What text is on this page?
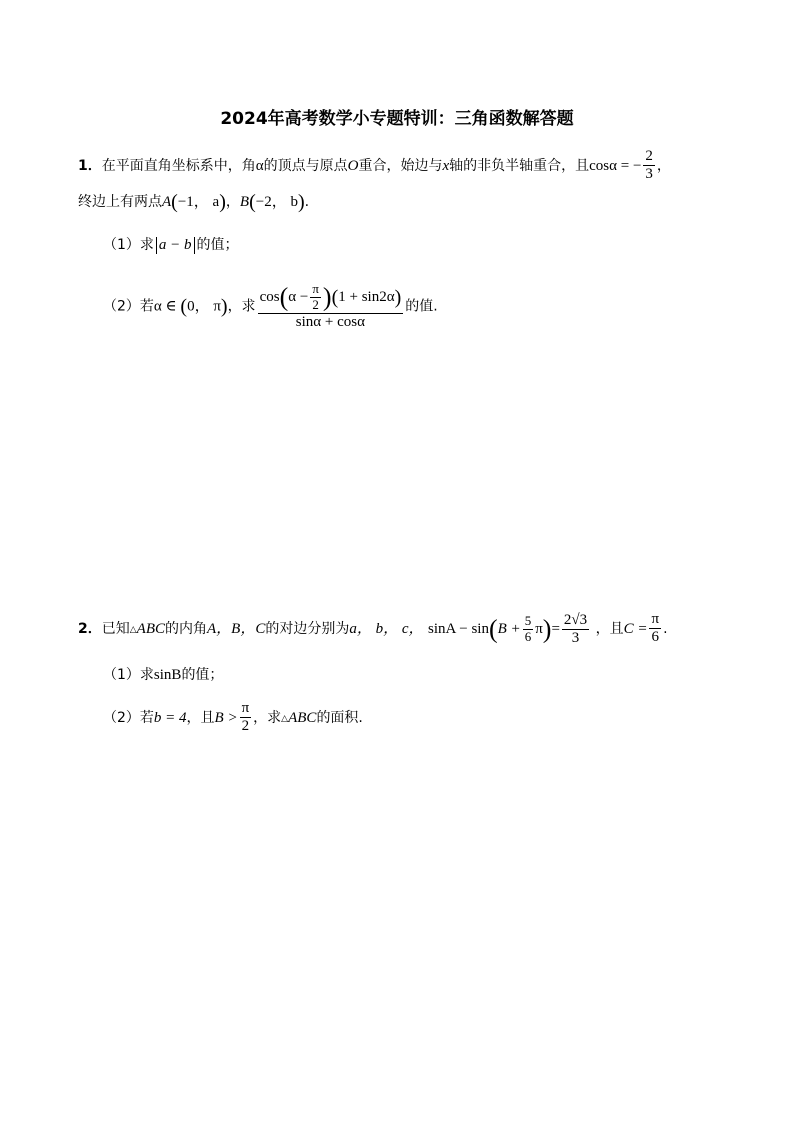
2024年高考数学小专题特训：三角函数解答题
1．在平面直角坐标系中，角α的顶点与原点O重合，始边与x轴的非负半轴重合，且cosα = − $\frac{2}{3}$ ，
终边上有两点A(−1， a)，B(−2， b).
（1）求 a − b 的值；
（2）若α ∈ (0， π)，求 $\frac{\cos(\alpha - \frac{\pi}{2} )(1 + \sin 2\alpha)}{\sin\alpha + \cos\alpha}$ 的值.
2．已知△ABC的内角A，B，C的对边分别为a， b， c， $\sin A - \sin(B + \frac{5}{6} \pi)= \frac{2√3}{3}$ ，且$C = \frac{\pi}{6}$ .
（1）求sinB的值；
（2）若b = 4，且$B > \frac{\pi}{2}$ ，求△ABC的面积.
